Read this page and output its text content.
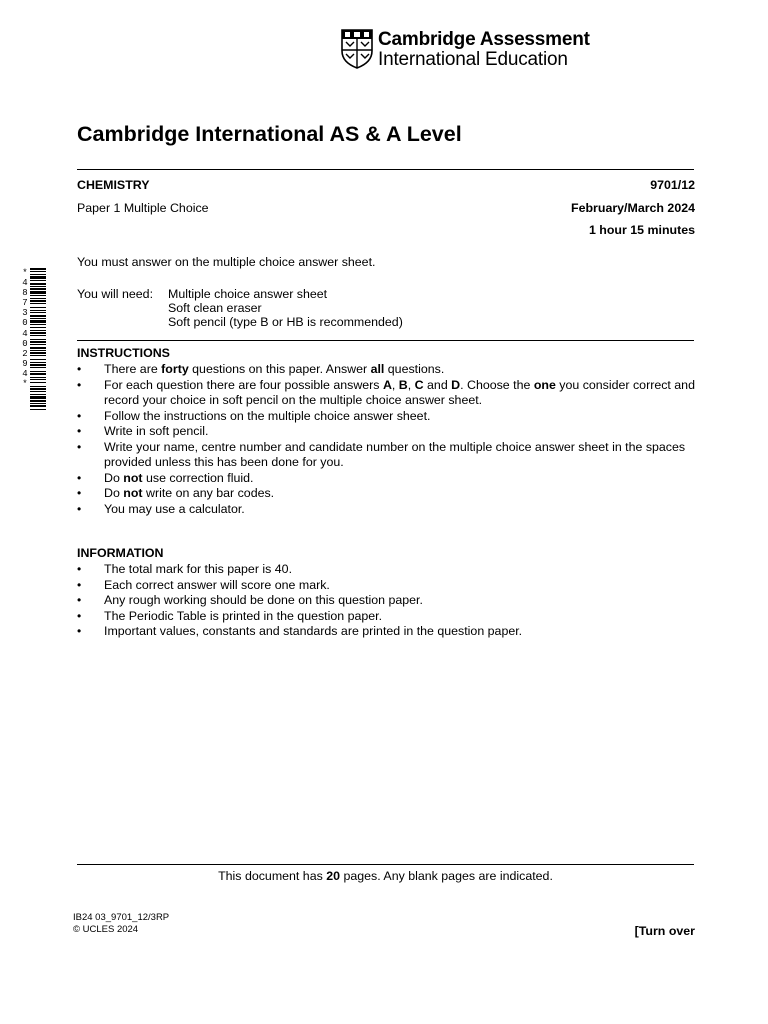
Cambridge Assessment
International Education
*
4
8
7
3
0
4
0
2
9
4
*
Cambridge International AS & A Level
CHEMISTRY	9701/12
Paper 1 Multiple Choice	February/March 2024
1 hour 15 minutes
You must answer on the multiple choice answer sheet.
You will need: Multiple choice answer sheet
Soft clean eraser
Soft pencil (type B or HB is recommended)
INSTRUCTIONS
• There are forty questions on this paper. Answer all questions.
• For each question there are four possible answers A, B, C and D. Choose the one you consider correct and record your choice in soft pencil on the multiple choice answer sheet.
• Follow the instructions on the multiple choice answer sheet.
• Write in soft pencil.
• Write your name, centre number and candidate number on the multiple choice answer sheet in the spaces provided unless this has been done for you.
• Do not use correction fluid.
• Do not write on any bar codes.
• You may use a calculator.
INFORMATION
• The total mark for this paper is 40.
• Each correct answer will score one mark.
• Any rough working should be done on this question paper.
• The Periodic Table is printed in the question paper.
• Important values, constants and standards are printed in the question paper.
This document has 20 pages. Any blank pages are indicated.
IB24 03_9701_12/3RP
© UCLES 2024	[Turn over
